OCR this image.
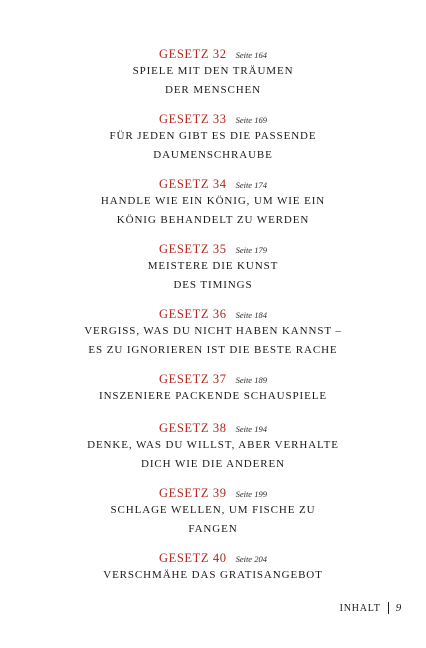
GESETZ 32 Seite 164
SPIELE MIT DEN TRÄUMEN
DER MENSCHEN
GESETZ 33 Seite 169
FÜR JEDEN GIBT ES DIE PASSENDE
DAUMENSCHRAUBE
GESETZ 34 Seite 174
HANDLE WIE EIN KÖNIG, UM WIE EIN
KÖNIG BEHANDELT ZU WERDEN
GESETZ 35 Seite 179
MEISTERE DIE KUNST
DES TIMINGS
GESETZ 36 Seite 184
VERGISS, WAS DU NICHT HABEN KANNST –
ES ZU IGNORIEREN IST DIE BESTE RACHE
GESETZ 37 Seite 189
INSZENIERE PACKENDE SCHAUSPIELE
GESETZ 38 Seite 194
DENKE, WAS DU WILLST, ABER VERHALTE
DICH WIE DIE ANDEREN
GESETZ 39 Seite 199
SCHLAGE WELLEN, UM FISCHE ZU
FANGEN
GESETZ 40 Seite 204
VERSCHMÄHE DAS GRATISANGEBOT
INHALT 9
